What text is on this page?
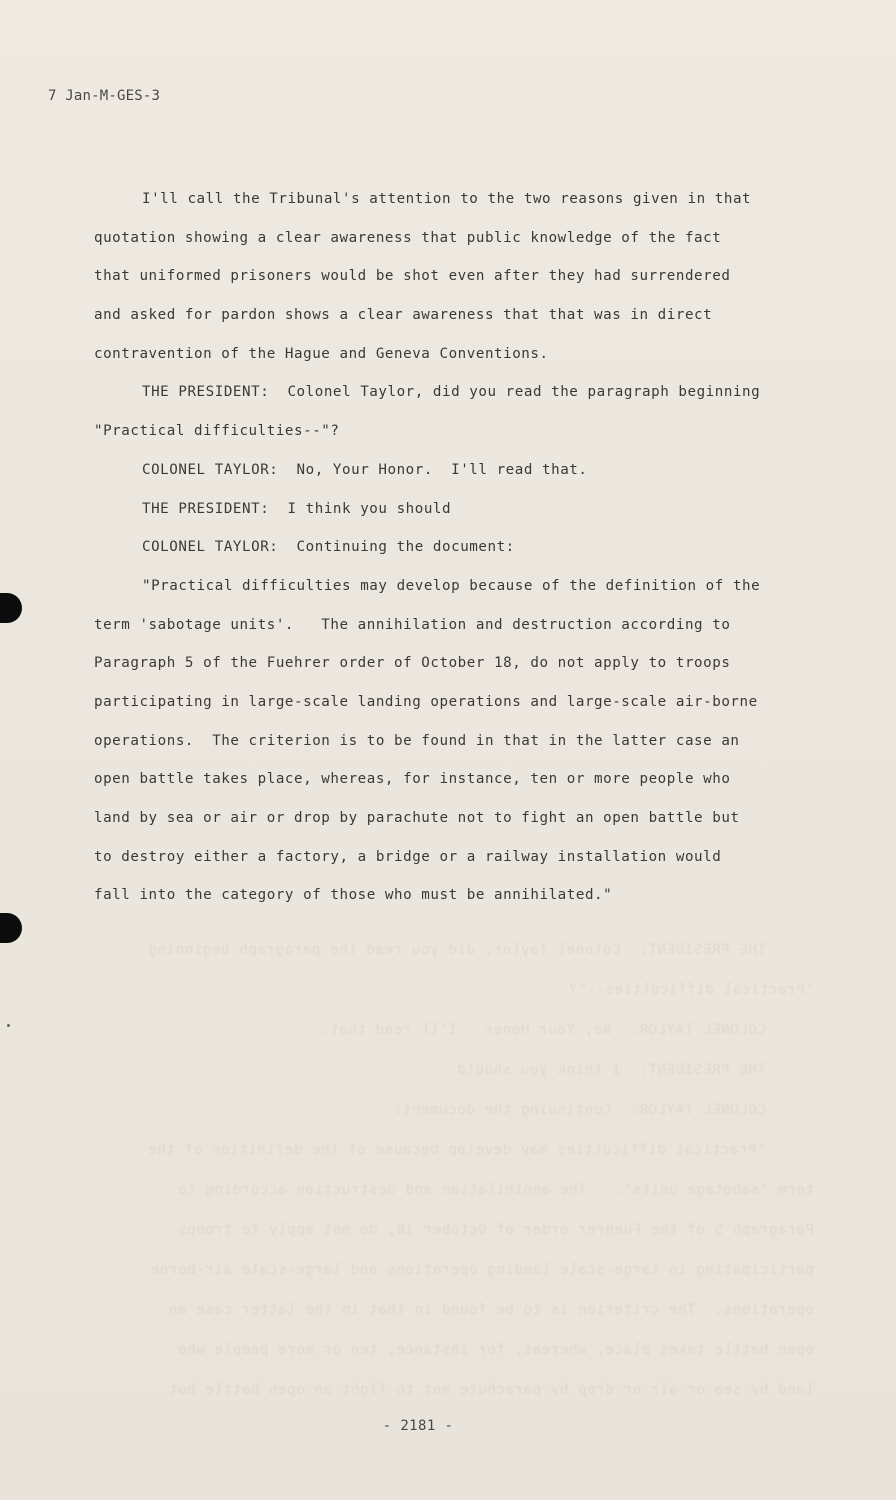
7 Jan-M-GES-3
I'll call the Tribunal's attention to the two reasons given in that
quotation showing a clear awareness that public knowledge of the fact
that uniformed prisoners would be shot even after they had surrendered
and asked for pardon shows a clear awareness that that was in direct
contravention of the Hague and Geneva Conventions.
THE PRESIDENT:  Colonel Taylor, did you read the paragraph beginning
"Practical difficulties--"?
COLONEL TAYLOR:  No, Your Honor.  I'll read that.
THE PRESIDENT:  I think you should
COLONEL TAYLOR:  Continuing the document:
"Practical difficulties may develop because of the definition of the
term 'sabotage units'.   The annihilation and destruction according to
Paragraph 5 of the Fuehrer order of October 18, do not apply to troops
participating in large-scale landing operations and large-scale air-borne
operations.  The criterion is to be found in that in the latter case an
open battle takes place, whereas, for instance, ten or more people who
land by sea or air or drop by parachute not to fight an open battle but
to destroy either a factory, a bridge or a railway installation would
fall into the category of those who must be annihilated."
THE PRESIDENT:  Colonel Taylor, did you read the paragraph beginning
"Practical difficulties--"?
COLONEL TAYLOR:  No, Your Honor.  I'll read that.
THE PRESIDENT:  I think you should
COLONEL TAYLOR:  Continuing the document:
"Practical difficulties may develop because of the definition of the
term 'sabotage units'.   The annihilation and destruction according to
Paragraph 5 of the Fuehrer order of October 18, do not apply to troops
participating in large-scale landing operations and large-scale air-borne
operations.  The criterion is to be found in that in the latter case an
open battle takes place, whereas, for instance, ten or more people who
land by sea or air or drop by parachute not to fight an open battle but
- 2181 -
